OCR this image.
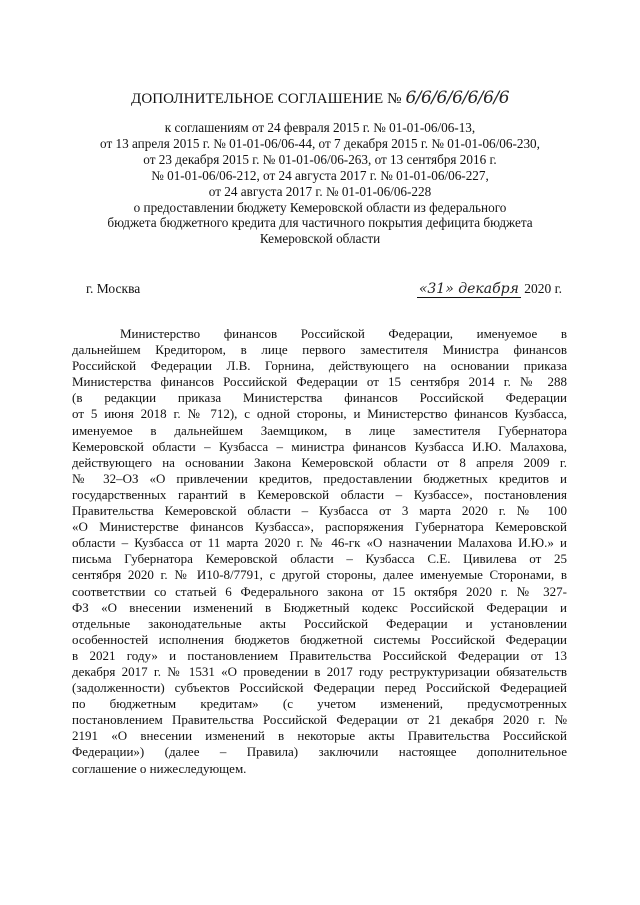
ДОПОЛНИТЕЛЬНОЕ СОГЛАШЕНИЕ № 6/6/6/6/6/6/6
к соглашениям от 24 февраля 2015 г. № 01-01-06/06-13,
от 13 апреля 2015 г. № 01-01-06/06-44, от 7 декабря 2015 г. № 01-01-06/06-230,
от 23 декабря 2015 г. № 01-01-06/06-263, от 13 сентября 2016 г.
№ 01-01-06/06-212, от 24 августа 2017 г. № 01-01-06/06-227,
от 24 августа 2017 г. № 01-01-06/06-228
о предоставлении бюджету Кемеровской области из федерального
бюджета бюджетного кредита для частичного покрытия дефицита бюджета
Кемеровской области
г. Москва	«31» декабря 2020 г.
Министерство финансов Российской Федерации, именуемое в
дальнейшем Кредитором, в лице первого заместителя Министра финансов
Российской Федерации Л.В. Горнина, действующего на основании приказа
Министерства финансов Российской Федерации от 15 сентября 2014 г. № 288
(в редакции приказа Министерства финансов Российской Федерации
от 5 июня 2018 г. № 712), с одной стороны, и Министерство финансов Кузбасса,
именуемое в дальнейшем Заемщиком, в лице заместителя Губернатора
Кемеровской области – Кузбасса – министра финансов Кузбасса И.Ю. Малахова,
действующего на основании Закона Кемеровской области от 8 апреля 2009 г.
№ 32–ОЗ «О привлечении кредитов, предоставлении бюджетных кредитов и
государственных гарантий в Кемеровской области – Кузбассе», постановления
Правительства Кемеровской области – Кузбасса от 3 марта 2020 г. № 100
«О Министерстве финансов Кузбасса», распоряжения Губернатора Кемеровской
области – Кузбасса от 11 марта 2020 г. № 46-гк «О назначении Малахова И.Ю.» и
письма Губернатора Кемеровской области – Кузбасса С.Е. Цивилева от 25
сентября 2020 г. № И10-8/7791, с другой стороны, далее именуемые Сторонами, в
соответствии со статьей 6 Федерального закона от 15 октября 2020 г. № 327-
ФЗ «О внесении изменений в Бюджетный кодекс Российской Федерации и
отдельные законодательные акты Российской Федерации и установлении
особенностей исполнения бюджетов бюджетной системы Российской Федерации
в 2021 году» и постановлением Правительства Российской Федерации от 13
декабря 2017 г. № 1531 «О проведении в 2017 году реструктуризации обязательств
(задолженности) субъектов Российской Федерации перед Российской Федерацией
по бюджетным кредитам» (с учетом изменений, предусмотренных
постановлением Правительства Российской Федерации от 21 декабря 2020 г. №
2191 «О внесении изменений в некоторые акты Правительства Российской
Федерации») (далее – Правила) заключили настоящее дополнительное
соглашение о нижеследующем.
